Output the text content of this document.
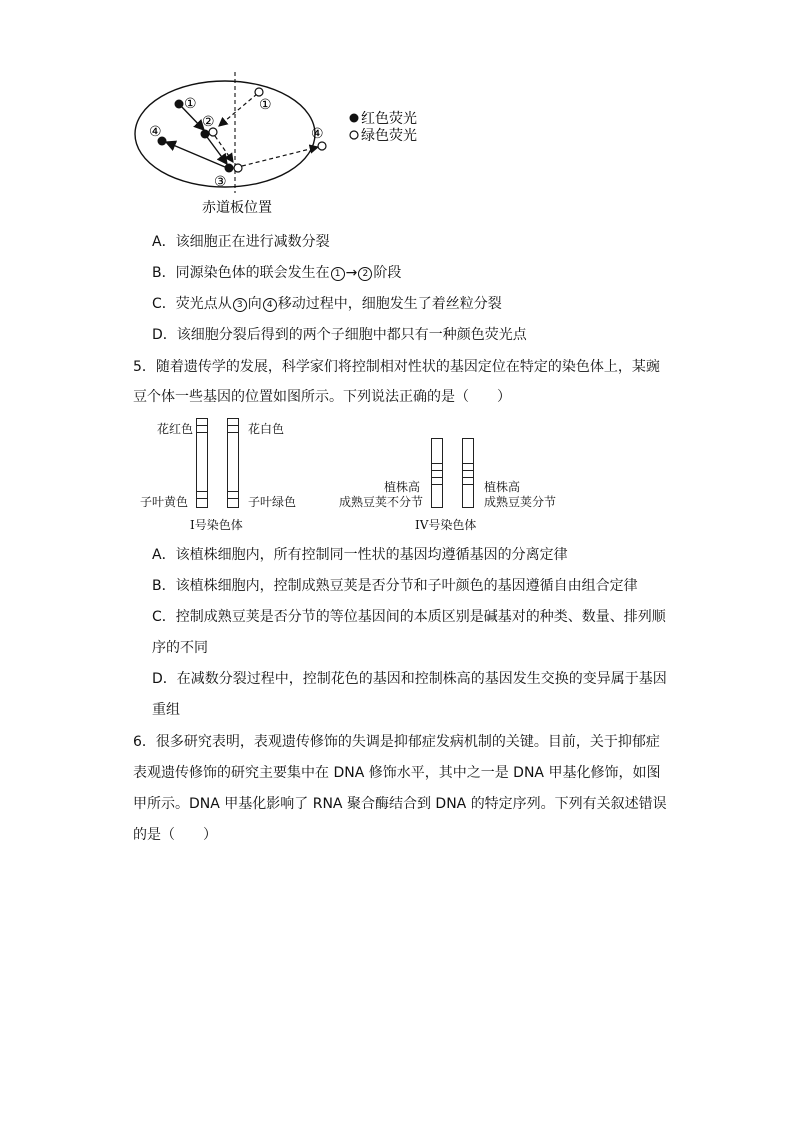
①
②
③
④
①
④
红色荧光
绿色荧光
赤道板位置
A．该细胞正在进行减数分裂
B．同源染色体的联会发生在 1 → 2 阶段
C．荧光点从 3 向 4 移动过程中，细胞发生了着丝粒分裂
D．该细胞分裂后得到的两个子细胞中都只有一种颜色荧光点
5．随着遗传学的发展，科学家们将控制相对性状的基因定位在特定的染色体上，某豌
豆个体一些基因的位置如图所示。下列说法正确的是（　　）
花红色	花白色
子叶黄色	子叶绿色
I号染色体
植株高
成熟豆荚不分节
植株高
成熟豆荚分节
IV号染色体
A．该植株细胞内，所有控制同一性状的基因均遵循基因的分离定律
B．该植株细胞内，控制成熟豆荚是否分节和子叶颜色的基因遵循自由组合定律
C．控制成熟豆荚是否分节的等位基因间的本质区别是碱基对的种类、数量、排列顺
序的不同
D．在减数分裂过程中，控制花色的基因和控制株高的基因发生交换的变异属于基因
重组
6．很多研究表明，表观遗传修饰的失调是抑郁症发病机制的关键。目前，关于抑郁症
表观遗传修饰的研究主要集中在 DNA 修饰水平，其中之一是 DNA 甲基化修饰，如图
甲所示。DNA 甲基化影响了 RNA 聚合酶结合到 DNA 的特定序列。下列有关叙述错误
的是（　　）
